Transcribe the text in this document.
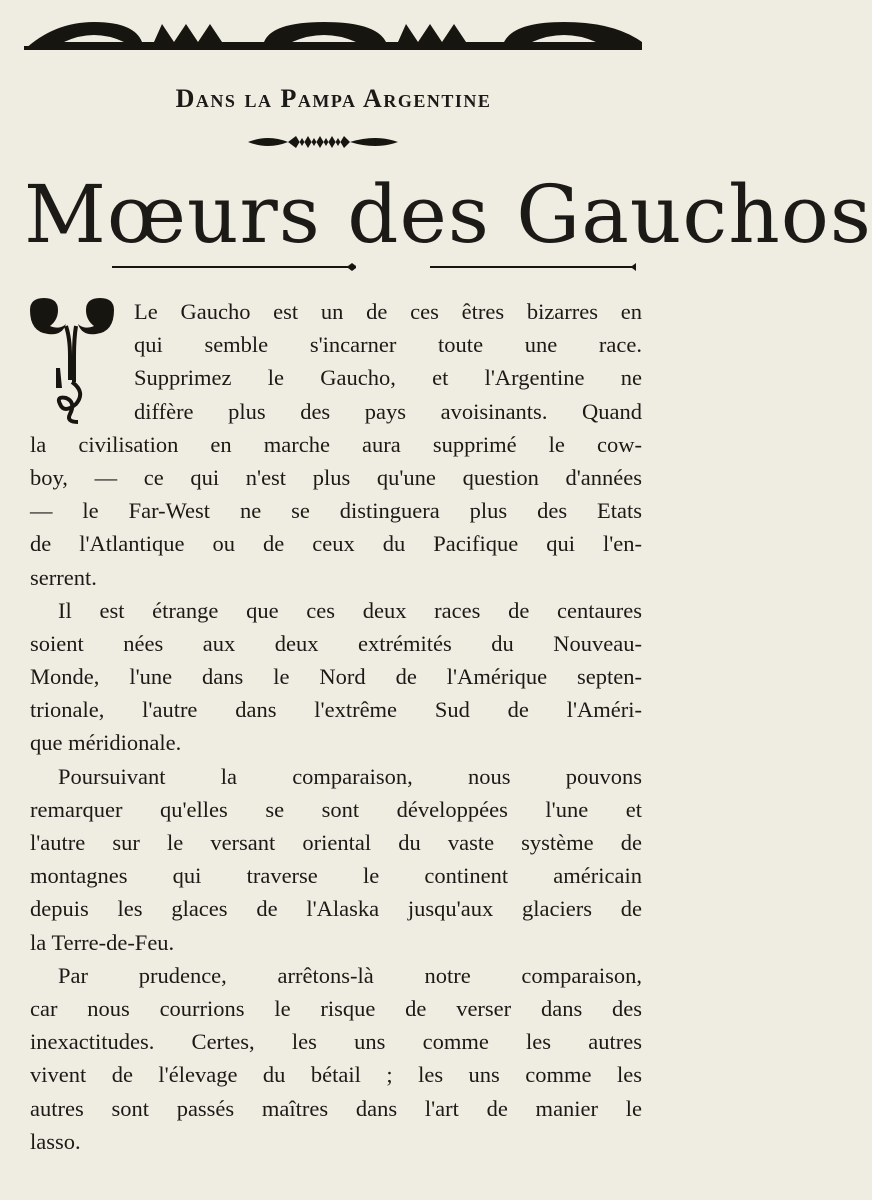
Dans la Pampa Argentine
Mœurs des Gauchos
Le Gaucho est un de ces êtres bizarres en
qui semble s'incarner toute une race.
Supprimez le Gaucho, et l'Argentine ne
diffère plus des pays avoisinants. Quand
la civilisation en marche aura supprimé le cow-
boy, — ce qui n'est plus qu'une question d'années
— le Far-West ne se distinguera plus des Etats
de l'Atlantique ou de ceux du Pacifique qui l'en-
serrent.
Il est étrange que ces deux races de centaures
soient nées aux deux extrémités du Nouveau-
Monde, l'une dans le Nord de l'Amérique septen-
trionale, l'autre dans l'extrême Sud de l'Améri-
que méridionale.
Poursuivant la comparaison, nous pouvons
remarquer qu'elles se sont développées l'une et
l'autre sur le versant oriental du vaste système de
montagnes qui traverse le continent américain
depuis les glaces de l'Alaska jusqu'aux glaciers de
la Terre-de-Feu.
Par prudence, arrêtons-là notre comparaison,
car nous courrions le risque de verser dans des
inexactitudes. Certes, les uns comme les autres
vivent de l'élevage du bétail ; les uns comme les
autres sont passés maîtres dans l'art de manier le
lasso.
